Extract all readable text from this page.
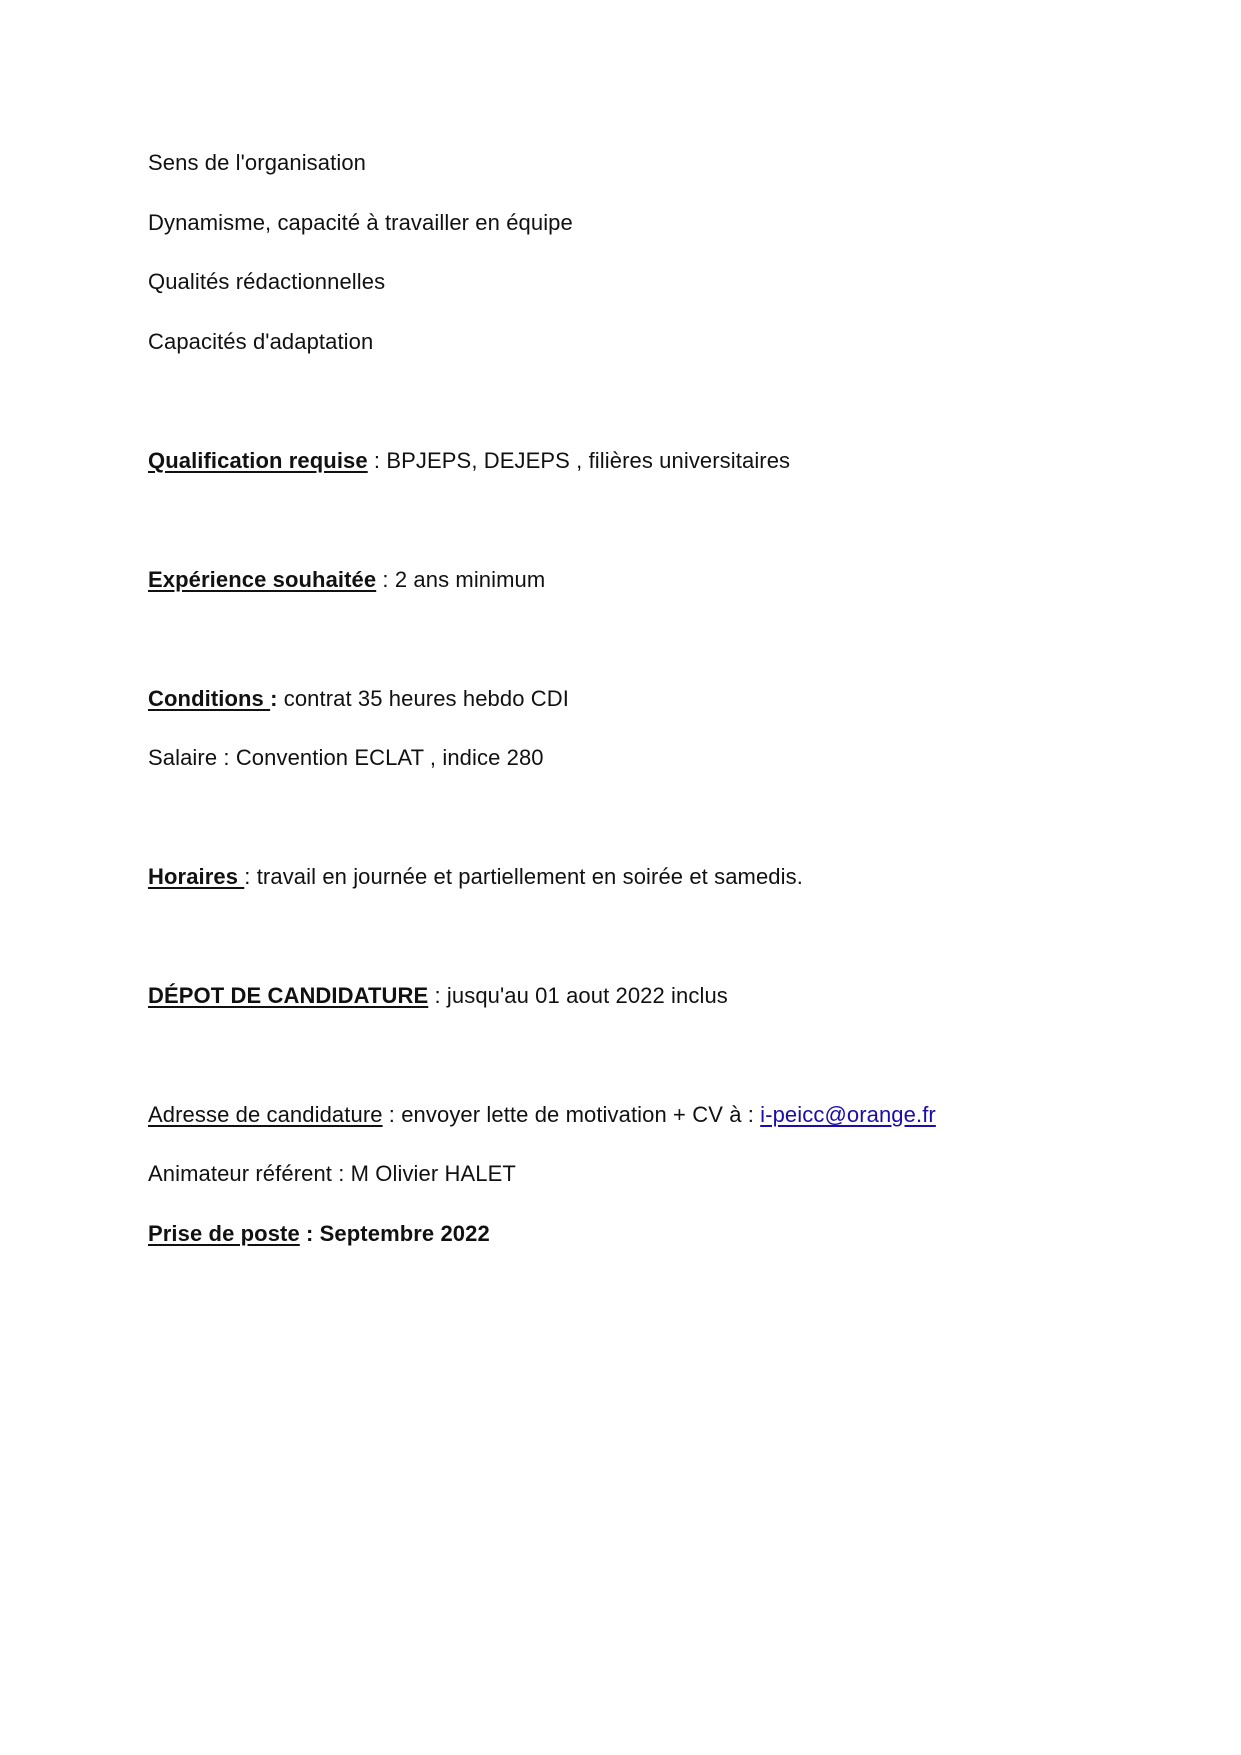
Sens de l'organisation
Dynamisme, capacité à travailler en équipe
Qualités rédactionnelles
Capacités d'adaptation
Qualification requise : BPJEPS, DEJEPS , filières universitaires
Expérience souhaitée : 2 ans minimum
Conditions : contrat 35 heures hebdo CDI
Salaire : Convention ECLAT , indice 280
Horaires : travail en journée et partiellement en soirée et samedis.
DÉPOT DE CANDIDATURE : jusqu'au 01 aout 2022 inclus
Adresse de candidature : envoyer lette de motivation + CV à : i-peicc@orange.fr
Animateur référent : M Olivier HALET
Prise de poste : Septembre 2022
